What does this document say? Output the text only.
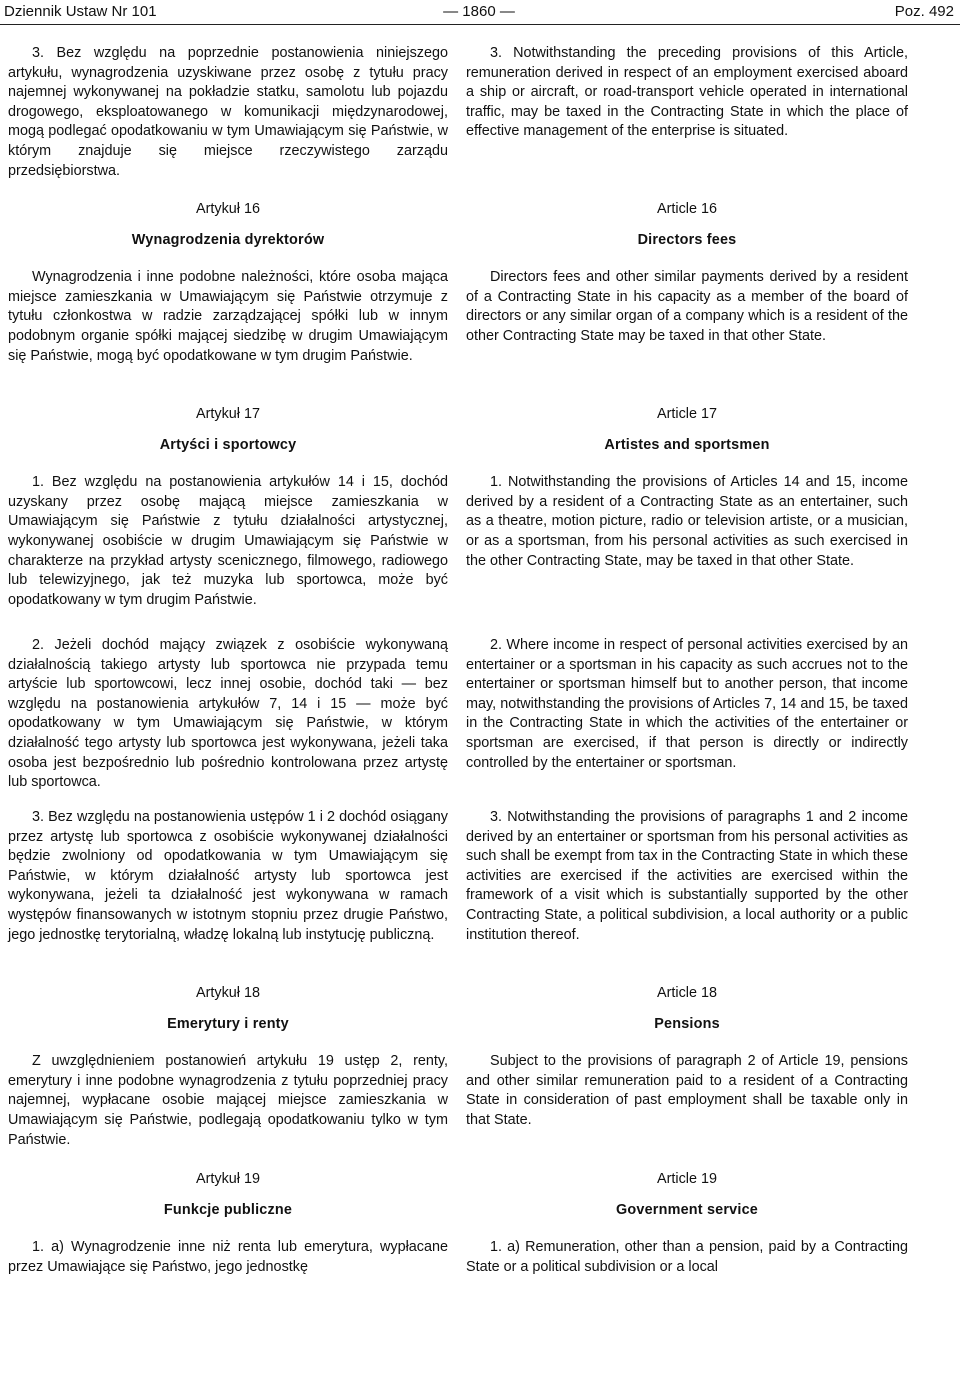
Dziennik Ustaw Nr 101	— 1860 —	Poz. 492

3. Bez względu na poprzednie postanowienia niniejszego artykułu, wynagrodzenia uzyskiwane przez osobę z tytułu pracy najemnej wykonywanej na pokładzie statku, samolotu lub pojazdu drogowego, eksploatowanego w komunikacji międzynarodowej, mogą podlegać opodatkowaniu w tym Umawiającym się Państwie, w którym znajduje się miejsce rzeczywistego zarządu przedsiębiorstwa.

Artykuł 16

Wynagrodzenia dyrektorów

Wynagrodzenia i inne podobne należności, które osoba mająca miejsce zamieszkania w Umawiającym się Państwie otrzymuje z tytułu członkostwa w radzie zarządzającej spółki lub w innym podobnym organie spółki mającej siedzibę w drugim Umawiającym się Państwie, mogą być opodatkowane w tym drugim Państwie.

Artykuł 17

Artyści i sportowcy

1. Bez względu na postanowienia artykułów 14 i 15, dochód uzyskany przez osobę mającą miejsce zamieszkania w Umawiającym się Państwie z tytułu działalności artystycznej, wykonywanej osobiście w drugim Umawiającym się Państwie w charakterze na przykład artysty scenicznego, filmowego, radiowego lub telewizyjnego, jak też muzyka lub sportowca, może być opodatkowany w tym drugim Państwie.

2. Jeżeli dochód mający związek z osobiście wykonywaną działalnością takiego artysty lub sportowca nie przypada temu artyście lub sportowcowi, lecz innej osobie, dochód taki — bez względu na postanowienia artykułów 7, 14 i 15 — może być opodatkowany w tym Umawiającym się Państwie, w którym działalność tego artysty lub sportowca jest wykonywana, jeżeli taka osoba jest bezpośrednio lub pośrednio kontrolowana przez artystę lub sportowca.

3. Bez względu na postanowienia ustępów 1 i 2 dochód osiągany przez artystę lub sportowca z osobiście wykonywanej działalności będzie zwolniony od opodatkowania w tym Umawiającym się Państwie, w którym działalność artysty lub sportowca jest wykonywana, jeżeli ta działalność jest wykonywana w ramach występów finansowanych w istotnym stopniu przez drugie Państwo, jego jednostkę terytorialną, władzę lokalną lub instytucję publiczną.

Artykuł 18

Emerytury i renty

Z uwzględnieniem postanowień artykułu 19 ustęp 2, renty, emerytury i inne podobne wynagrodzenia z tytułu poprzedniej pracy najemnej, wypłacane osobie mającej miejsce zamieszkania w Umawiającym się Państwie, podlegają opodatkowaniu tylko w tym Państwie.

Artykuł 19

Funkcje publiczne

1. a) Wynagrodzenie inne niż renta lub emerytura, wypłacane przez Umawiające się Państwo, jego jednostkę

3. Notwithstanding the preceding provisions of this Article, remuneration derived in respect of an employment exercised aboard a ship or aircraft, or road-transport vehicle operated in international traffic, may be taxed in the Contracting State in which the place of effective management of the enterprise is situated.

Article 16

Directors fees

Directors fees and other similar payments derived by a resident of a Contracting State in his capacity as a member of the board of directors or any similar organ of a company which is a resident of the other Contracting State may be taxed in that other State.

Article 17

Artistes and sportsmen

1. Notwithstanding the provisions of Articles 14 and 15, income derived by a resident of a Contracting State as an entertainer, such as a theatre, motion picture, radio or television artiste, or a musician, or as a sportsman, from his personal activities as such exercised in the other Contracting State, may be taxed in that other State.

2. Where income in respect of personal activities exercised by an entertainer or a sportsman in his capacity as such accrues not to the entertainer or sportsman himself but to another person, that income may, notwithstanding the provisions of Articles 7, 14 and 15, be taxed in the Contracting State in which the activities of the entertainer or sportsman are exercised, if that person is directly or indirectly controlled by the entertainer or sportsman.

3. Notwithstanding the provisions of paragraphs 1 and 2 income derived by an entertainer or sportsman from his personal activities as such shall be exempt from tax in the Contracting State in which these activities are exercised if the activities are exercised within the framework of a visit which is substantially supported by the other Contracting State, a political subdivision, a local authority or a public institution thereof.

Article 18

Pensions

Subject to the provisions of paragraph 2 of Article 19, pensions and other similar remuneration paid to a resident of a Contracting State in consideration of past employment shall be taxable only in that State.

Article 19

Government service

1. a) Remuneration, other than a pension, paid by a Contracting State or a political subdivision or a local
